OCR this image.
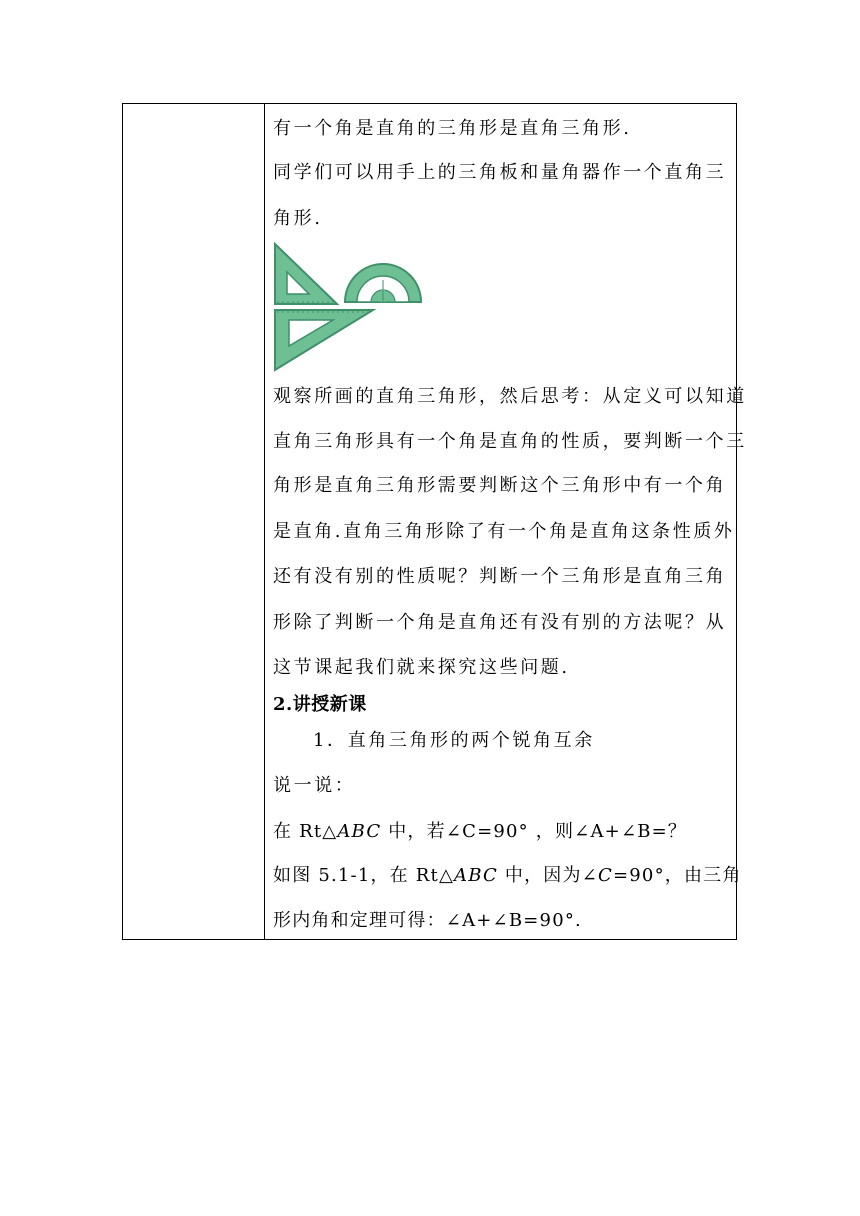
有一个角是直角的三角形是直角三角形.
同学们可以用手上的三角板和量角器作一个直角三
角形.
观察所画的直角三角形，然后思考：从定义可以知道
直角三角形具有一个角是直角的性质，要判断一个三
角形是直角三角形需要判断这个三角形中有一个角
是直角.直角三角形除了有一个角是直角这条性质外
还有没有别的性质呢？判断一个三角形是直角三角
形除了判断一个角是直角还有没有别的方法呢？从
这节课起我们就来探究这些问题.
2.讲授新课
1．直角三角形的两个锐角互余
说一说：
在 Rt△ABC 中，若∠C=90° ，则∠A+∠B=？
如图 5.1-1，在 Rt△ABC 中，因为∠C=90°，由三角
形内角和定理可得：∠A+∠B=90°.
